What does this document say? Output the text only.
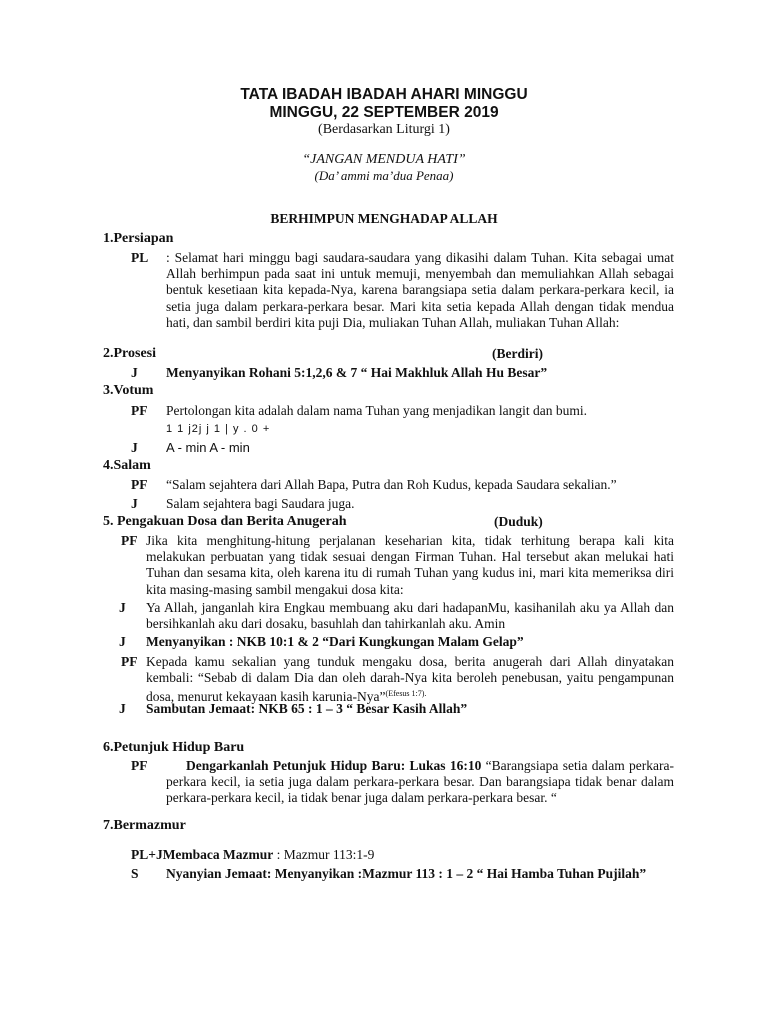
TATA IBADAH IBADAH AHARI MINGGU
MINGGU, 22 SEPTEMBER 2019
(Berdasarkan Liturgi 1)
“JANGAN MENDUA HATI”
(Da’ ammi ma’dua Penaa)
BERHIMPUN MENGHADAP ALLAH
1.Persiapan
PL : Selamat hari minggu bagi saudara-saudara yang dikasihi dalam Tuhan. Kita sebagai umat Allah berhimpun pada saat ini untuk memuji, menyembah dan memuliahkan Allah sebagai bentuk kesetiaan kita kepada-Nya, karena barangsiapa setia dalam perkara-perkara kecil, ia setia juga dalam perkara-perkara besar. Mari kita setia kepada Allah dengan tidak mendua hati, dan sambil berdiri kita puji Dia, muliakan Tuhan Allah, muliakan Tuhan Allah:
2.Prosesi	(Berdiri)
J Menyanyikan Rohani 5:1,2,6 & 7 “ Hai Makhluk Allah Hu Besar”
3.Votum
PF Pertolongan kita adalah dalam nama Tuhan yang menjadikan langit dan bumi.
1 1 j2j j 1 | y . 0 +
J A - min A - min
4.Salam
PF “Salam sejahtera dari Allah Bapa, Putra dan Roh Kudus, kepada Saudara sekalian.”
J Salam sejahtera bagi Saudara juga.
5. Pengakuan Dosa dan Berita Anugerah	(Duduk)
PF Jika kita menghitung-hitung perjalanan keseharian kita, tidak terhitung berapa kali kita melakukan perbuatan yang tidak sesuai dengan Firman Tuhan. Hal tersebut akan melukai hati Tuhan dan sesama kita, oleh karena itu di rumah Tuhan yang kudus ini, mari kita memeriksa diri kita masing-masing sambil mengakui dosa kita:
J Ya Allah, janganlah kira Engkau membuang aku dari hadapanMu, kasihanilah aku ya Allah dan bersihkanlah aku dari dosaku, basuhlah dan tahirkanlah aku. Amin
J Menyanyikan : NKB 10:1 & 2 “Dari Kungkungan Malam Gelap”
PF Kepada kamu sekalian yang tunduk mengaku dosa, berita anugerah dari Allah dinyatakan kembali: “Sebab di dalam Dia dan oleh darah-Nya kita beroleh penebusan, yaitu pengampunan dosa, menurut kekayaan kasih karunia-Nya”$^{(Efesus 1:7).}$
J Sambutan Jemaat: NKB 65 : 1 – 3 “ Besar Kasih Allah”
6.Petunjuk Hidup Baru
PF	Dengarkanlah Petunjuk Hidup Baru: Lukas 16:10 “Barangsiapa setia dalam perkara-perkara kecil, ia setia juga dalam perkara-perkara besar. Dan barangsiapa tidak benar dalam perkara-perkara kecil, ia tidak benar juga dalam perkara-perkara besar. “
7.Bermazmur
PL+JMembaca Mazmur : Mazmur 113:1-9
S Nyanyian Jemaat: Menyanyikan :Mazmur 113 : 1 – 2 “ Hai Hamba Tuhan Pujilah”
